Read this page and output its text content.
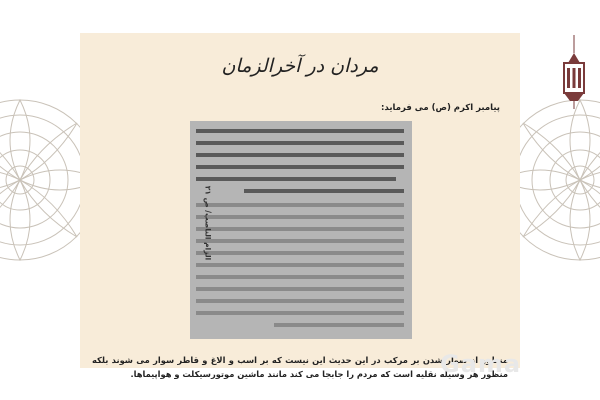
مردان در آخرالزمان
پیامبر اکرم (ص) می فرماید:
الزام الناصب/ ص ۲۱
منظور از سوار شدن بر مرکب در این حدیث این نیست که بر اسب و الاغ و قاطر سوار می شوند بلکه منظور هر وسیله نقلیه است که مردم را جابجا می کند مانند ماشین موتورسیکلت و هواپیماها.
Gama
